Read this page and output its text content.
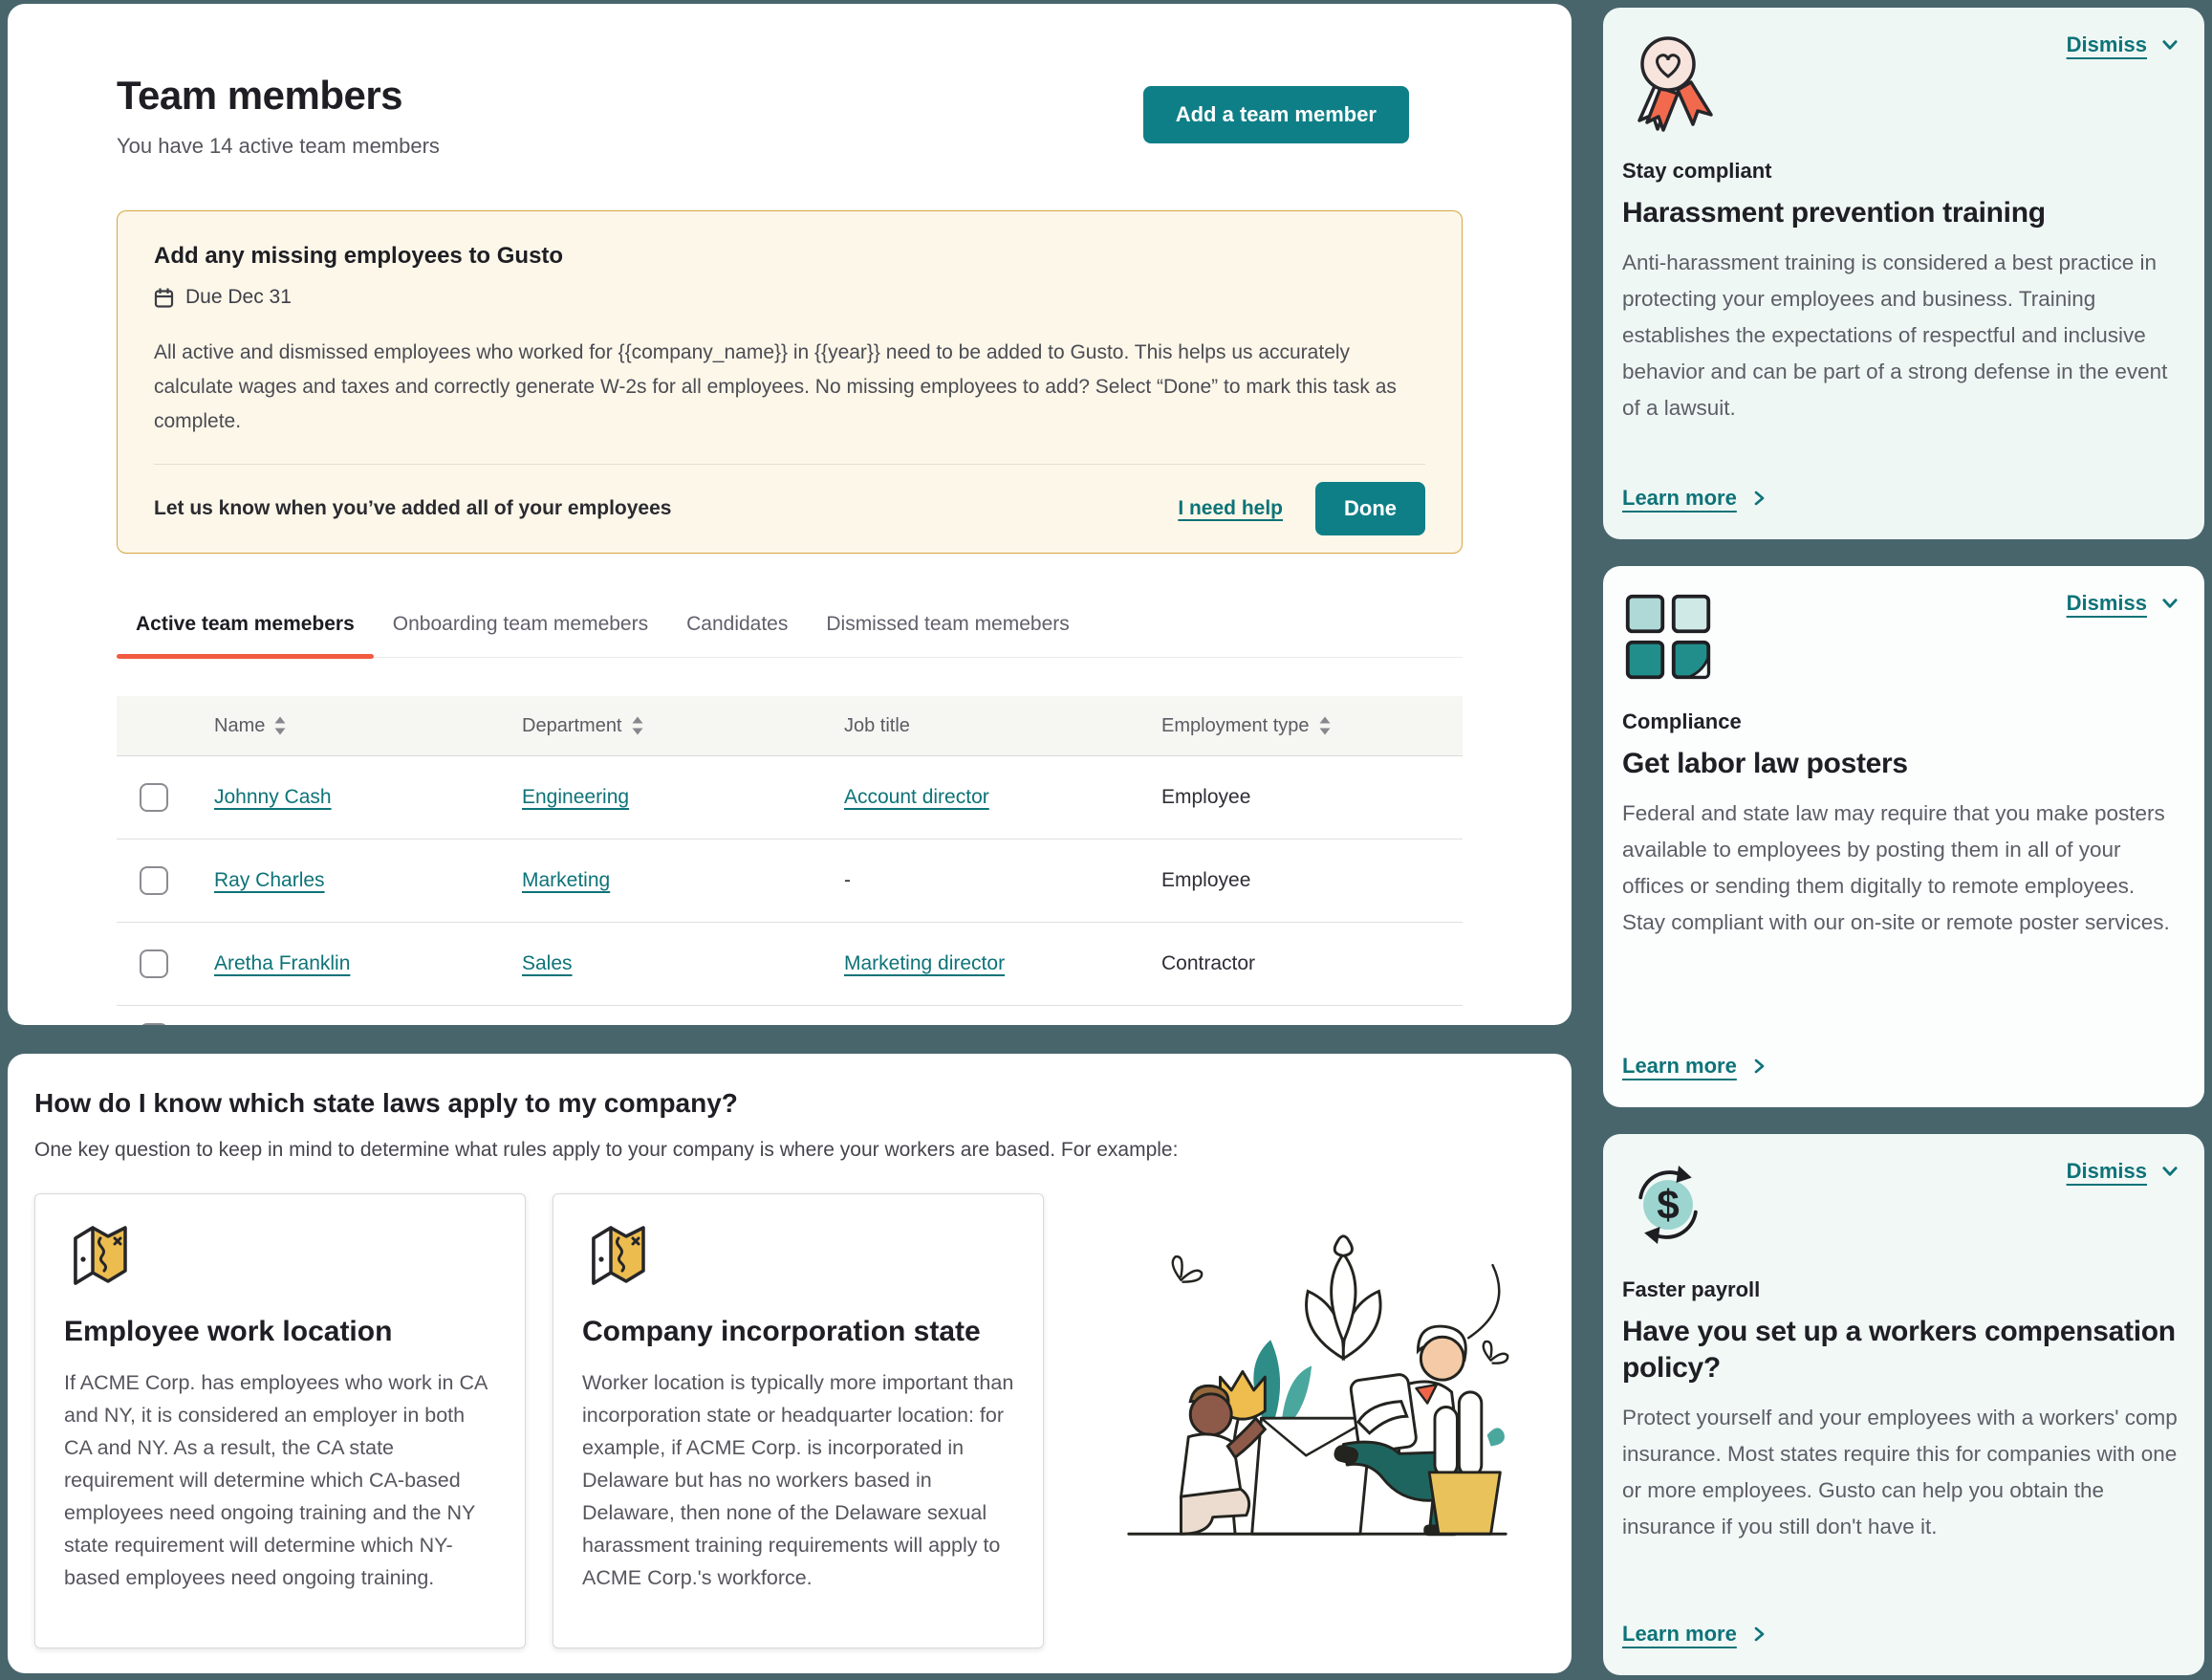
Team members

You have 14 active team members

Add a team member
Add any missing employees to Gusto
Due Dec 31

All active and dismissed employees who worked for {{company_name}} in {{year}} need to be added to Gusto. This helps us accurately calculate wages and taxes and correctly generate W-2s for all employees. No missing employees to add? Select “Done” to mark this task as complete.

Let us know when you’ve added all of your employees	I need help	Done
Active team memebers	Onboarding team memebers	Candidates	Dismissed team memebers
Name	Department	Job title	Employment type
Johnny Cash	Engineering	Account director	Employee
Ray Charles	Marketing	-	Employee
Aretha Franklin	Sales	Marketing director	Contractor
How do I know which state laws apply to my company?

One key question to keep in mind to determine what rules apply to your company is where your workers are based. For example:

Employee work location

If ACME Corp. has employees who work in CA and NY, it is considered an employer in both CA and NY. As a result, the CA state requirement will determine which CA-based employees need ongoing training and the NY state requirement will determine which NY-based employees need ongoing training.

Company incorporation state

Worker location is typically more important than incorporation state or headquarter location: for example, if ACME Corp. is incorporated in Delaware but has no workers based in Delaware, then none of the Delaware sexual harassment training requirements will apply to ACME Corp.'s workforce.

Dismiss
Stay compliant
Harassment prevention training

Anti-harassment training is considered a best practice in protecting your employees and business. Training establishes the expectations of respectful and inclusive behavior and can be part of a strong defense in the event of a lawsuit.

Learn more
Dismiss
Compliance
Get labor law posters

Federal and state law may require that you make posters available to employees by posting them in all of your offices or sending them digitally to remote employees. Stay compliant with our on-site or remote poster services.

Learn more
$
Dismiss
Faster payroll
Have you set up a workers compensation policy?

Protect yourself and your employees with a workers' comp insurance. Most states require this for companies with one or more employees. Gusto can help you obtain the insurance if you still don't have it.

Learn more
